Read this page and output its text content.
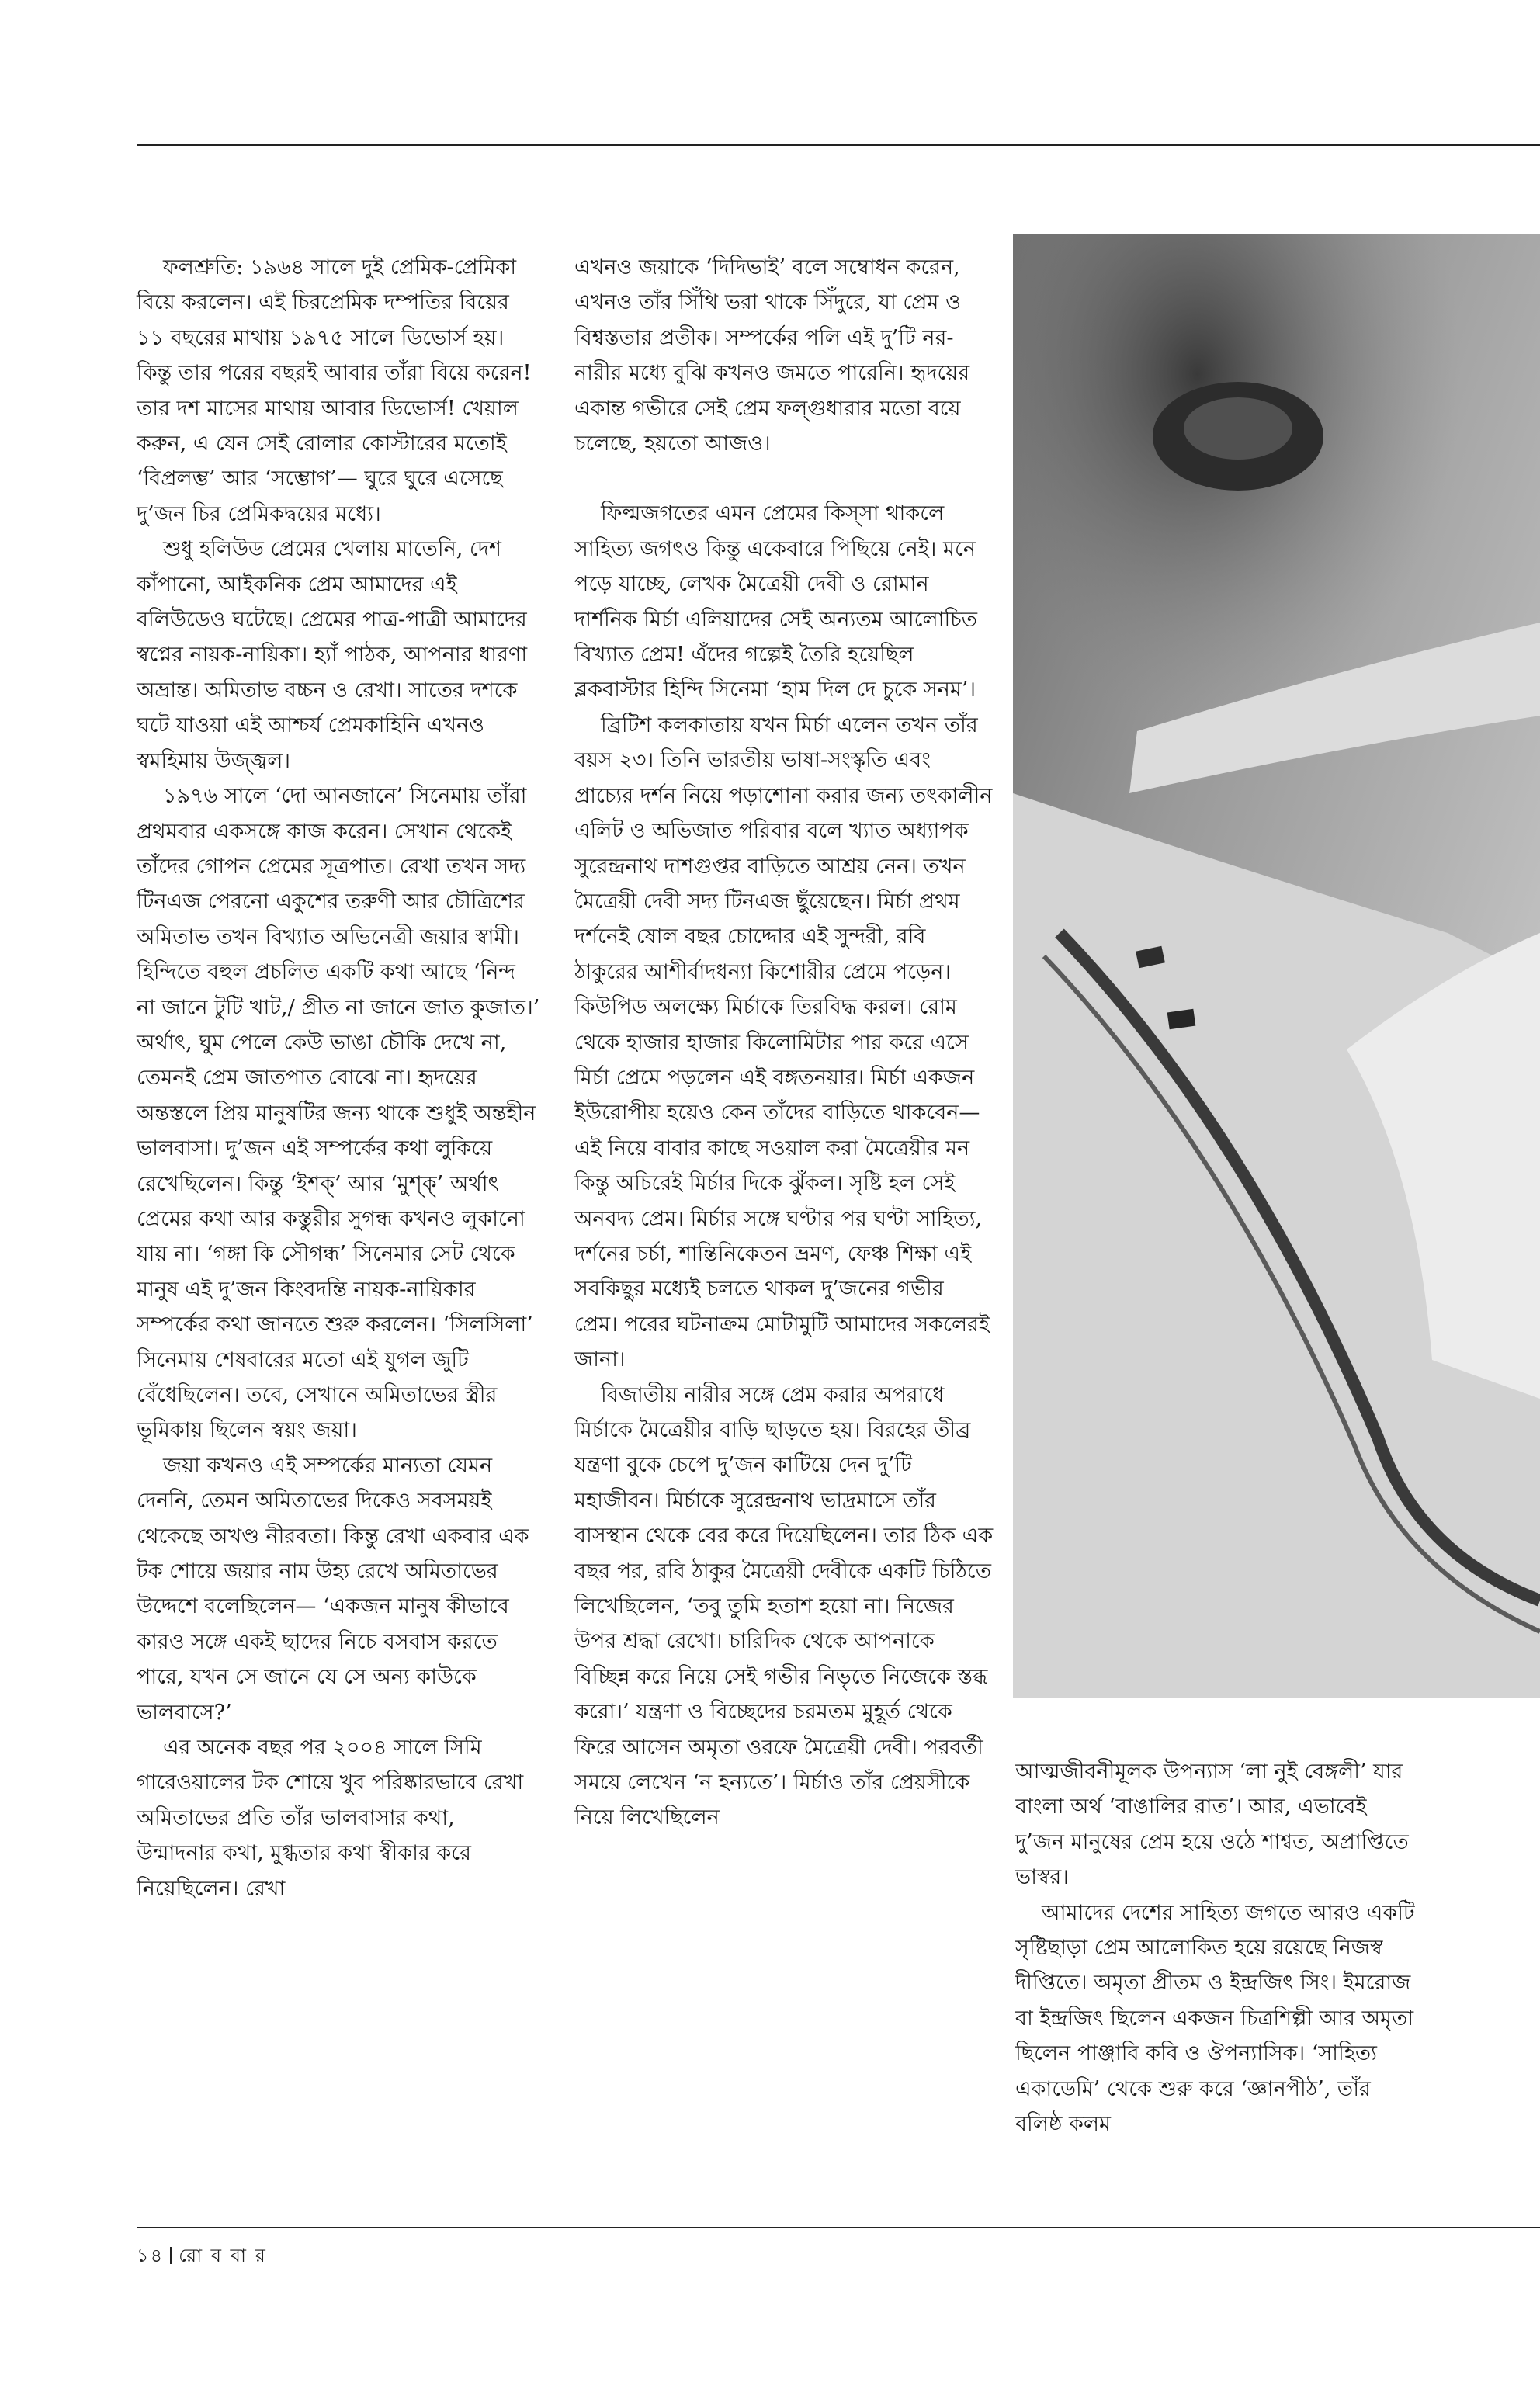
ফলশ্রুতি: ১৯৬৪ সালে দুই প্রেমিক-প্রেমিকা বিয়ে করলেন। এই চিরপ্রেমিক দম্পতির বিয়ের ১১ বছরের মাথায় ১৯৭৫ সালে ডিভোর্স হয়। কিন্তু তার পরের বছরই আবার তাঁরা বিয়ে করেন! তার দশ মাসের মাথায় আবার ডিভোর্স! খেয়াল করুন, এ যেন সেই রোলার কোস্টারের মতোই ‘বিপ্রলম্ভ’ আর ‘সম্ভোগ’— ঘুরে ঘুরে এসেছে দু’জন চির প্রেমিকদ্বয়ের মধ্যে।

শুধু হলিউড প্রেমের খেলায় মাতেনি, দেশ কাঁপানো, আইকনিক প্রেম আমাদের এই বলিউডেও ঘটেছে। প্রেমের পাত্র-পাত্রী আমাদের স্বপ্নের নায়ক-নায়িকা। হ্যাঁ পাঠক, আপনার ধারণা অভ্রান্ত। অমিতাভ বচ্চন ও রেখা। সাতের দশকে ঘটে যাওয়া এই আশ্চর্য প্রেমকাহিনি এখনও স্বমহিমায় উজ্জ্বল।

১৯৭৬ সালে ‘দো আনজানে’ সিনেমায় তাঁরা প্রথমবার একসঙ্গে কাজ করেন। সেখান থেকেই তাঁদের গোপন প্রেমের সূত্রপাত। রেখা তখন সদ্য টিনএজ পেরনো একুশের তরুণী আর চৌত্রিশের অমিতাভ তখন বিখ্যাত অভিনেত্রী জয়ার স্বামী। হিন্দিতে বহুল প্রচলিত একটি কথা আছে ‘নিন্দ না জানে টুটি খাট,/ প্রীত না জানে জাত কুজাত।’ অর্থাৎ, ঘুম পেলে কেউ ভাঙা চৌকি দেখে না, তেমনই প্রেম জাতপাত বোঝে না। হৃদয়ের অন্তস্তলে প্রিয় মানুষটির জন্য থাকে শুধুই অন্তহীন ভালবাসা। দু’জন এই সম্পর্কের কথা লুকিয়ে রেখেছিলেন। কিন্তু ‘ইশক্’ আর ‘মুশ্ক্’ অর্থাৎ প্রেমের কথা আর কস্তুরীর সুগন্ধ কখনও লুকানো যায় না। ‘গঙ্গা কি সৌগন্ধ’ সিনেমার সেট থেকে মানুষ এই দু’জন কিংবদন্তি নায়ক-নায়িকার সম্পর্কের কথা জানতে শুরু করলেন। ‘সিলসিলা’ সিনেমায় শেষবারের মতো এই যুগল জুটি বেঁধেছিলেন। তবে, সেখানে অমিতাভের স্ত্রীর ভূমিকায় ছিলেন স্বয়ং জয়া।

জয়া কখনও এই সম্পর্কের মান্যতা যেমন দেননি, তেমন অমিতাভের দিকেও সবসময়ই থেকেছে অখণ্ড নীরবতা। কিন্তু রেখা একবার এক টক শোয়ে জয়ার নাম উহ্য রেখে অমিতাভের উদ্দেশে বলেছিলেন— ‘একজন মানুষ কীভাবে কারও সঙ্গে একই ছাদের নিচে বসবাস করতে পারে, যখন সে জানে যে সে অন্য কাউকে ভালবাসে?’

এর অনেক বছর পর ২০০৪ সালে সিমি গারেওয়ালের টক শোয়ে খুব পরিষ্কারভাবে রেখা অমিতাভের প্রতি তাঁর ভালবাসার কথা, উন্মাদনার কথা, মুগ্ধতার কথা স্বীকার করে নিয়েছিলেন। রেখা

এখনও জয়াকে ‘দিদিভাই’ বলে সম্বোধন করেন, এখনও তাঁর সিঁথি ভরা থাকে সিঁদুরে, যা প্রেম ও বিশ্বস্ততার প্রতীক। সম্পর্কের পলি এই দু’টি নর-নারীর মধ্যে বুঝি কখনও জমতে পারেনি। হৃদয়ের একান্ত গভীরে সেই প্রেম ফল্গুধারার মতো বয়ে চলেছে, হয়তো আজও।

ফিল্মজগতের এমন প্রেমের কিস্‌সা থাকলে সাহিত্য জগৎও কিন্তু একেবারে পিছিয়ে নেই। মনে পড়ে যাচ্ছে, লেখক মৈত্রেয়ী দেবী ও রোমান দার্শনিক মির্চা এলিয়াদের সেই অন্যতম আলোচিত বিখ্যাত প্রেম! এঁদের গল্পেই তৈরি হয়েছিল ব্লকবাস্টার হিন্দি সিনেমা ‘হাম দিল দে চুকে সনম’।

ব্রিটিশ কলকাতায় যখন মির্চা এলেন তখন তাঁর বয়স ২৩। তিনি ভারতীয় ভাষা-সংস্কৃতি এবং প্রাচ্যের দর্শন নিয়ে পড়াশোনা করার জন্য তৎকালীন এলিট ও অভিজাত পরিবার বলে খ্যাত অধ্যাপক সুরেন্দ্রনাথ দাশগুপ্তর বাড়িতে আশ্রয় নেন। তখন মৈত্রেয়ী দেবী সদ্য টিনএজ ছুঁয়েছেন। মির্চা প্রথম দর্শনেই ষোল বছর চোদ্দোর এই সুন্দরী, রবি ঠাকুরের আশীর্বাদধন্যা কিশোরীর প্রেমে পড়েন। কিউপিড অলক্ষ্যে মির্চাকে তিরবিদ্ধ করল। রোম থেকে হাজার হাজার কিলোমিটার পার করে এসে মির্চা প্রেমে পড়লেন এই বঙ্গতনয়ার। মির্চা একজন ইউরোপীয় হয়েও কেন তাঁদের বাড়িতে থাকবেন— এই নিয়ে বাবার কাছে সওয়াল করা মৈত্রেয়ীর মন কিন্তু অচিরেই মির্চার দিকে ঝুঁকল। সৃষ্টি হল সেই অনবদ্য প্রেম। মির্চার সঙ্গে ঘণ্টার পর ঘণ্টা সাহিত্য, দর্শনের চর্চা, শান্তিনিকেতন ভ্রমণ, ফেঞ্চ শিক্ষা এই সবকিছুর মধ্যেই চলতে থাকল দু’জনের গভীর প্রেম। পরের ঘটনাক্রম মোটামুটি আমাদের সকলেরই জানা।

বিজাতীয় নারীর সঙ্গে প্রেম করার অপরাধে মির্চাকে মৈত্রেয়ীর বাড়ি ছাড়তে হয়। বিরহের তীব্র যন্ত্রণা বুকে চেপে দু’জন কাটিয়ে দেন দু’টি মহাজীবন। মির্চাকে সুরেন্দ্রনাথ ভাদ্রমাসে তাঁর বাসস্থান থেকে বের করে দিয়েছিলেন। তার ঠিক এক বছর পর, রবি ঠাকুর মৈত্রেয়ী দেবীকে একটি চিঠিতে লিখেছিলেন, ‘তবু তুমি হতাশ হয়ো না। নিজের উপর শ্রদ্ধা রেখো। চারিদিক থেকে আপনাকে বিচ্ছিন্ন করে নিয়ে সেই গভীর নিভৃতে নিজেকে স্তব্ধ করো।’ যন্ত্রণা ও বিচ্ছেদের চরমতম মুহূর্ত থেকে ফিরে আসেন অমৃতা ওরফে মৈত্রেয়ী দেবী। পরবর্তী সময়ে লেখেন ‘ন হন্যতে’। মির্চাও তাঁর প্রেয়সীকে নিয়ে লিখেছিলেন

আত্মজীবনীমূলক উপন্যাস ‘লা নুই বেঙ্গলী’ যার বাংলা অর্থ ‘বাঙালির রাত’। আর, এভাবেই দু’জন মানুষের প্রেম হয়ে ওঠে শাশ্বত, অপ্রাপ্তিতে ভাস্বর।

আমাদের দেশের সাহিত্য জগতে আরও একটি সৃষ্টিছাড়া প্রেম আলোকিত হয়ে রয়েছে নিজস্ব দীপ্তিতে। অমৃতা প্রীতম ও ইন্দ্রজিৎ সিং। ইমরোজ বা ইন্দ্রজিৎ ছিলেন একজন চিত্রশিল্পী আর অমৃতা ছিলেন পাঞ্জাবি কবি ও ঔপন্যাসিক। ‘সাহিত্য একাডেমি’ থেকে শুরু করে ‘জ্ঞানপীঠ’, তাঁর বলিষ্ঠ কলম

১৪ রো ব বা র
